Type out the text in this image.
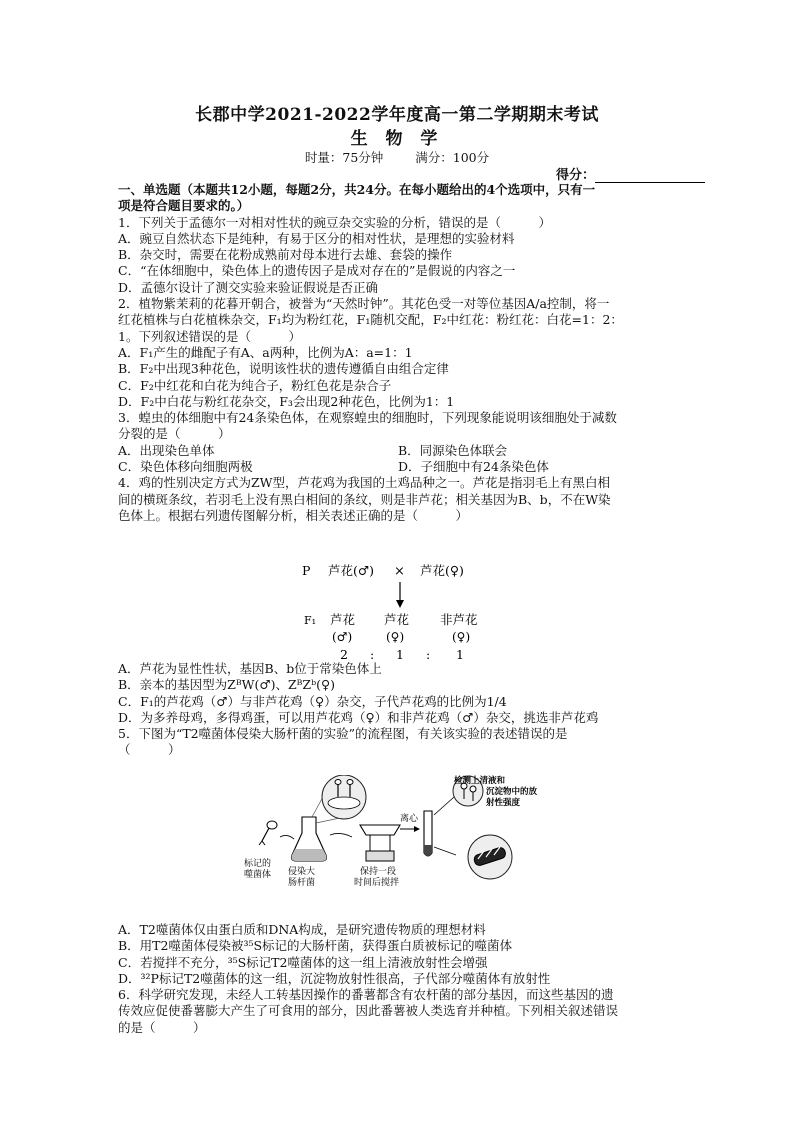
长郡中学2021-2022学年度高一第二学期期末考试
生 物 学
时量：75分钟	满分：100分
得分：
一、单选题（本题共12小题，每题2分，共24分。在每小题给出的4个选项中，只有一
项是符合题目要求的。）
1．下列关于孟德尔一对相对性状的豌豆杂交实验的分析，错误的是（　　　）
A．豌豆自然状态下是纯种，有易于区分的相对性状，是理想的实验材料
B．杂交时，需要在花粉成熟前对母本进行去雄、套袋的操作
C．“在体细胞中，染色体上的遗传因子是成对存在的”是假说的内容之一
D．孟德尔设计了测交实验来验证假说是否正确
2．植物紫茉莉的花暮开朝合，被誉为“天然时钟”。其花色受一对等位基因A/a控制，将一
红花植株与白花植株杂交，F₁均为粉红花，F₁随机交配，F₂中红花：粉红花：白花=1：2：
1。下列叙述错误的是（　　　）
A．F₁产生的雌配子有A、a两种，比例为A：a=1：1
B．F₂中出现3种花色，说明该性状的遗传遵循自由组合定律
C．F₂中红花和白花为纯合子，粉红色花是杂合子
D．F₂中白花与粉红花杂交，F₃会出现2种花色，比例为1：1
3．蝗虫的体细胞中有24条染色体，在观察蝗虫的细胞时，下列现象能说明该细胞处于减数
分裂的是（　　　）
A．出现染色单体	B．同源染色体联会
C．染色体移向细胞两极	D．子细胞中有24条染色体
4．鸡的性别决定方式为ZW型，芦花鸡为我国的土鸡品种之一。芦花是指羽毛上有黑白相
间的横斑条纹，若羽毛上没有黑白相间的条纹，则是非芦花；相关基因为B、b，不在W染
色体上。根据右列遗传图解分析，相关表述正确的是（　　　）
P 芦花(♂) × 芦花(♀)
F₁ 芦花 芦花 非芦花
(♂)	(♀)	(♀)
2 : 1 : 1
A．芦花为显性性状，基因B、b位于常染色体上
B．亲本的基因型为ZᴮW(♂)、ZᴮZᵇ(♀)
C．F₁的芦花鸡（♂）与非芦花鸡（♀）杂交，子代芦花鸡的比例为1/4
D．为多养母鸡，多得鸡蛋，可以用芦花鸡（♀）和非芦花鸡（♂）杂交，挑选非芦花鸡
5．下图为“T2噬菌体侵染大肠杆菌的实验”的流程图，有关该实验的表述错误的是
（　　　）
标记的
噬菌体 侵染大
肠杆菌
保持一段
时间后搅拌
离心
检测上清液和
沉淀物中的放
射性强度
A．T2噬菌体仅由蛋白质和DNA构成，是研究遗传物质的理想材料
B．用T2噬菌体侵染被³⁵S标记的大肠杆菌，获得蛋白质被标记的噬菌体
C．若搅拌不充分，³⁵S标记T2噬菌体的这一组上清液放射性会增强
D．³²P标记T2噬菌体的这一组，沉淀物放射性很高，子代部分噬菌体有放射性
6．科学研究发现，未经人工转基因操作的番薯都含有农杆菌的部分基因，而这些基因的遗
传效应促使番薯膨大产生了可食用的部分，因此番薯被人类选育并种植。下列相关叙述错误
的是（　　　）
